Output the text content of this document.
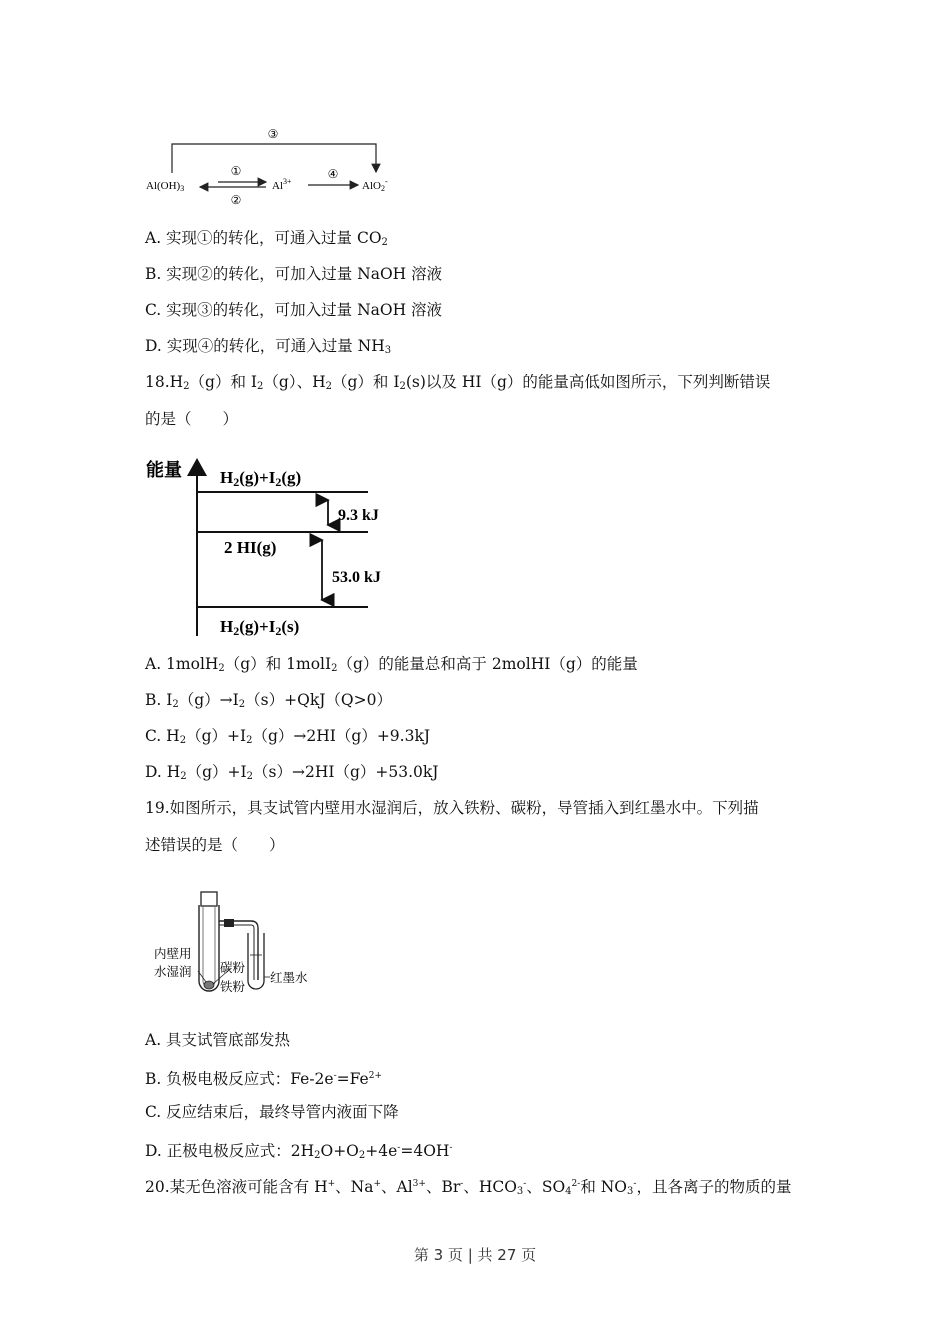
③
①
②
④
Al(OH)3	$Al^{3+}$	AlO2-
A. 实现①的转化，可通入过量 $CO_2$
B. 实现②的转化，可加入过量 NaOH 溶液
C. 实现③的转化，可加入过量 NaOH 溶液
D. 实现④的转化，可通入过量 $NH_3$
$18.H_2(g)$和 $I_2(g)$、$H_2(g)$和 $I_2(s)$以及 HI（g）的能量高低如图所示，下列判断错误
的是（　　）
能量 H2(g)+I2(g)
2 HI(g)
H2(g)+I2(s)
9.3 kJ
53.0 kJ
A. 1molH$_2$（g）和 1molI$_2$（g）的能量总和高于 2molHI（g）的能量
B. $I_2(g)\to I_2(s)+QkJ(Q>0)$
C. $H_2(g)+I_2(g)\to 2HI(g)+9.3kJ$
D. $H_2(g)+I_2(s)\to 2HI(g)+53.0kJ$
19.如图所示，具支试管内壁用水湿润后，放入铁粉、碳粉，导管插入到红墨水中。下列描
述错误的是（　　）
内壁用
水湿润 碳粉
铁粉
红墨水
A. 具支试管底部发热
B. 负极电极反应式：$Fe-2e^-=Fe^{2+}$
C. 反应结束后，最终导管内液面下降
D. 正极电极反应式：$2H_2O+O_2+4e^-=4OH^-$
20.某无色溶液可能含有 H+、Na+、$Al^{3+}$、Br-、$HCO_3^-$、$SO_4^{2-}$和 $NO_3^-$，且各离子的物质的量
第 3 页 | 共 27 页
